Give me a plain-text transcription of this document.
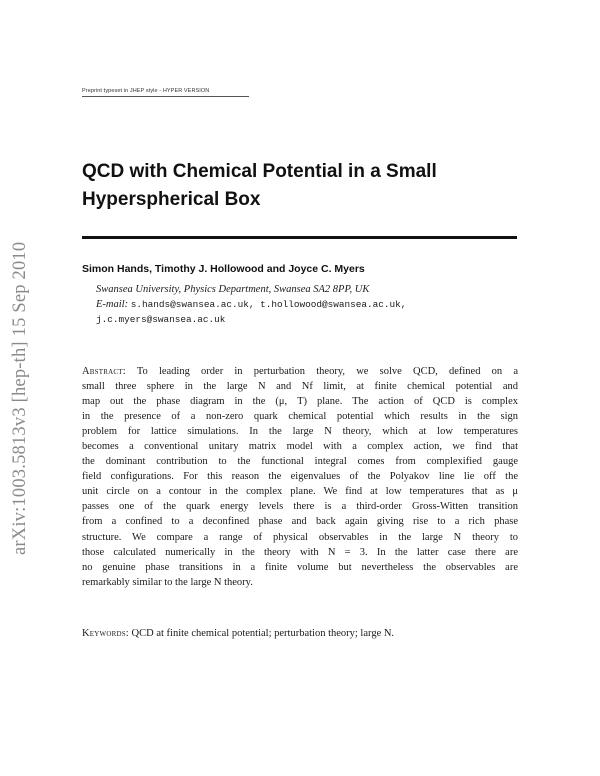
Preprint typeset in JHEP style - HYPER VERSION
arXiv:1003.5813v3 [hep-th] 15 Sep 2010
QCD with Chemical Potential in a Small
Hyperspherical Box
Simon Hands, Timothy J. Hollowood and Joyce C. Myers
Swansea University, Physics Department, Swansea SA2 8PP, UK
E-mail: s.hands@swansea.ac.uk, t.hollowood@swansea.ac.uk,
j.c.myers@swansea.ac.uk
Abstract: To leading order in perturbation theory, we solve QCD, defined on a
small three sphere in the large N and Nf limit, at finite chemical potential and
map out the phase diagram in the (μ, T) plane. The action of QCD is complex
in the presence of a non-zero quark chemical potential which results in the sign
problem for lattice simulations. In the large N theory, which at low temperatures
becomes a conventional unitary matrix model with a complex action, we find that
the dominant contribution to the functional integral comes from complexified gauge
field configurations. For this reason the eigenvalues of the Polyakov line lie off the
unit circle on a contour in the complex plane. We find at low temperatures that as μ
passes one of the quark energy levels there is a third-order Gross-Witten transition
from a confined to a deconfined phase and back again giving rise to a rich phase
structure. We compare a range of physical observables in the large N theory to
those calculated numerically in the theory with N = 3. In the latter case there are
no genuine phase transitions in a finite volume but nevertheless the observables are
remarkably similar to the large N theory.
Keywords: QCD at finite chemical potential; perturbation theory; large N.
